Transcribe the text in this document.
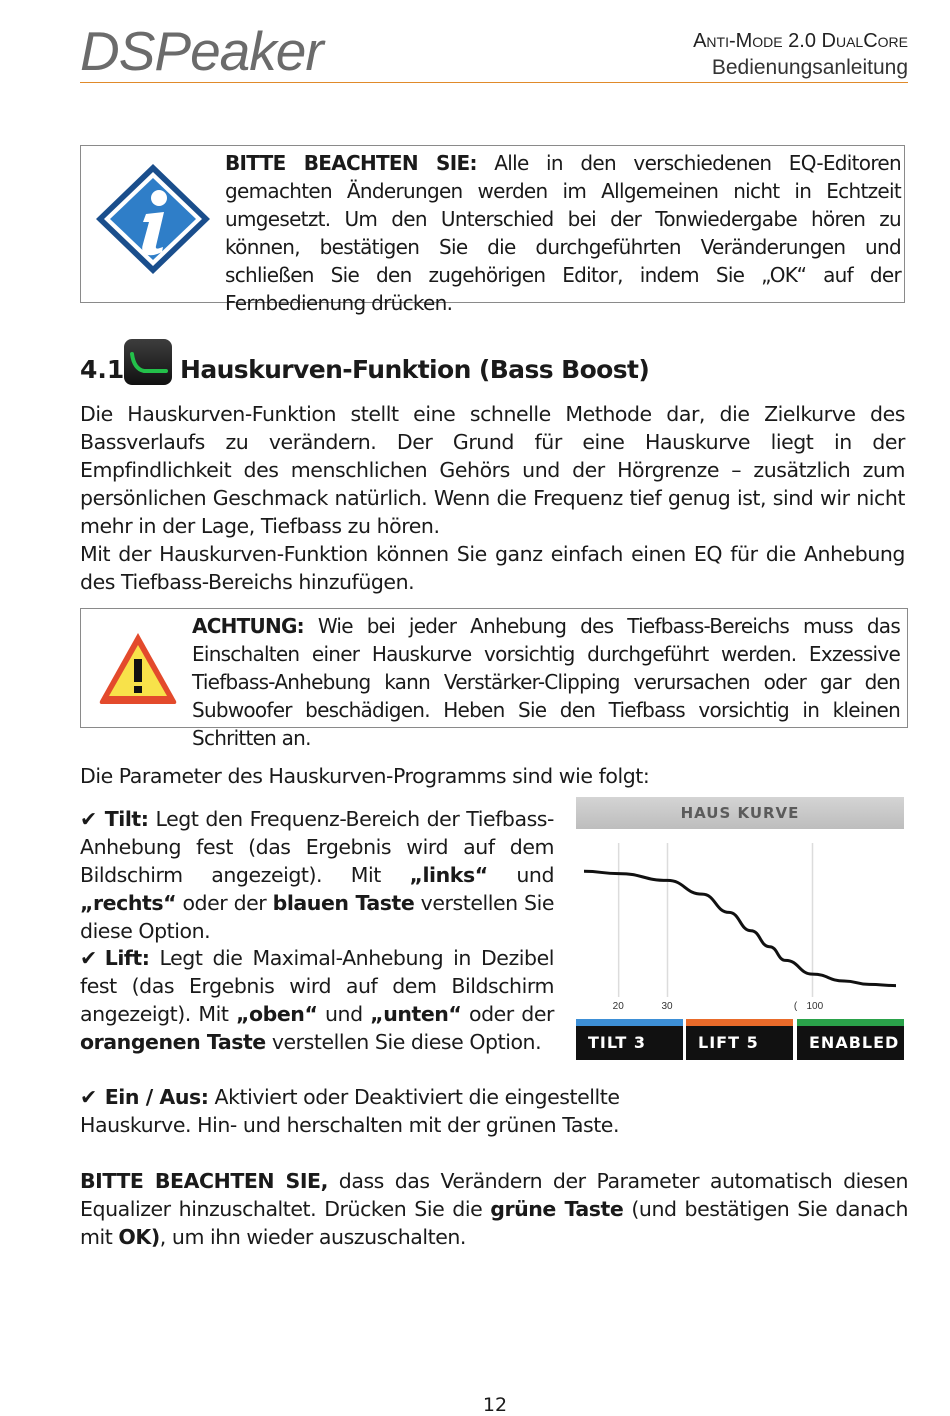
DSPeaker	Anti-Mode 2.0 DualCore
Bedienungsanleitung

BITTE BEACHTEN SIE: Alle in den verschiedenen EQ-Editoren gemachten Änderungen werden im Allgemeinen nicht in Echtzeit umgesetzt. Um den Unterschied bei der Tonwiedergabe hören zu können, bestätigen Sie die durchgeführten Veränderungen und schließen Sie den zugehörigen Editor, indem Sie „OK“ auf der Fernbedienung drücken.

4.1 Hauskurven-Funktion (Bass Boost)

Die Hauskurven-Funktion stellt eine schnelle Methode dar, die Zielkurve des Bassverlaufs zu verändern. Der Grund für eine Hauskurve liegt in der Empfindlichkeit des menschlichen Gehörs und der Hörgrenze – zusätzlich zum persönlichen Geschmack natürlich. Wenn die Frequenz tief genug ist, sind wir nicht mehr in der Lage, Tiefbass zu hören.

Mit der Hauskurven-Funktion können Sie ganz einfach einen EQ für die Anhebung des Tiefbass-Bereichs hinzufügen.

ACHTUNG: Wie bei jeder Anhebung des Tiefbass-Bereichs muss das Einschalten einer Hauskurve vorsichtig durchgeführt werden. Exzessive Tiefbass-Anhebung kann Verstärker-Clipping verursachen oder gar den Subwoofer beschädigen. Heben Sie den Tiefbass vorsichtig in kleinen Schritten an.

Die Parameter des Hauskurven-Programms sind wie folgt:

✔ Tilt: Legt den Frequenz-Bereich der Tiefbass-Anhebung fest (das Ergebnis wird auf dem Bildschirm angezeigt). Mit „links“ und „rechts“ oder der blauen Taste verstellen Sie diese Option.

✔ Lift: Legt die Maximal-Anhebung in Dezibel fest (das Ergebnis wird auf dem Bildschirm angezeigt). Mit „oben“ und „unten“ oder der orangenen Taste verstellen Sie diese Option.

✔ Ein / Aus: Aktiviert oder Deaktiviert die eingestellte Hauskurve. Hin- und herschalten mit der grünen Taste.

BITTE BEACHTEN SIE, dass das Verändern der Parameter automatisch diesen Equalizer hinzuschaltet. Drücken Sie die grüne Taste (und bestätigen Sie danach mit OK), um ihn wieder auszuschalten.

HAUS KURVE
20	30	( 100
TILT 3	LIFT 5	ENABLED
12
